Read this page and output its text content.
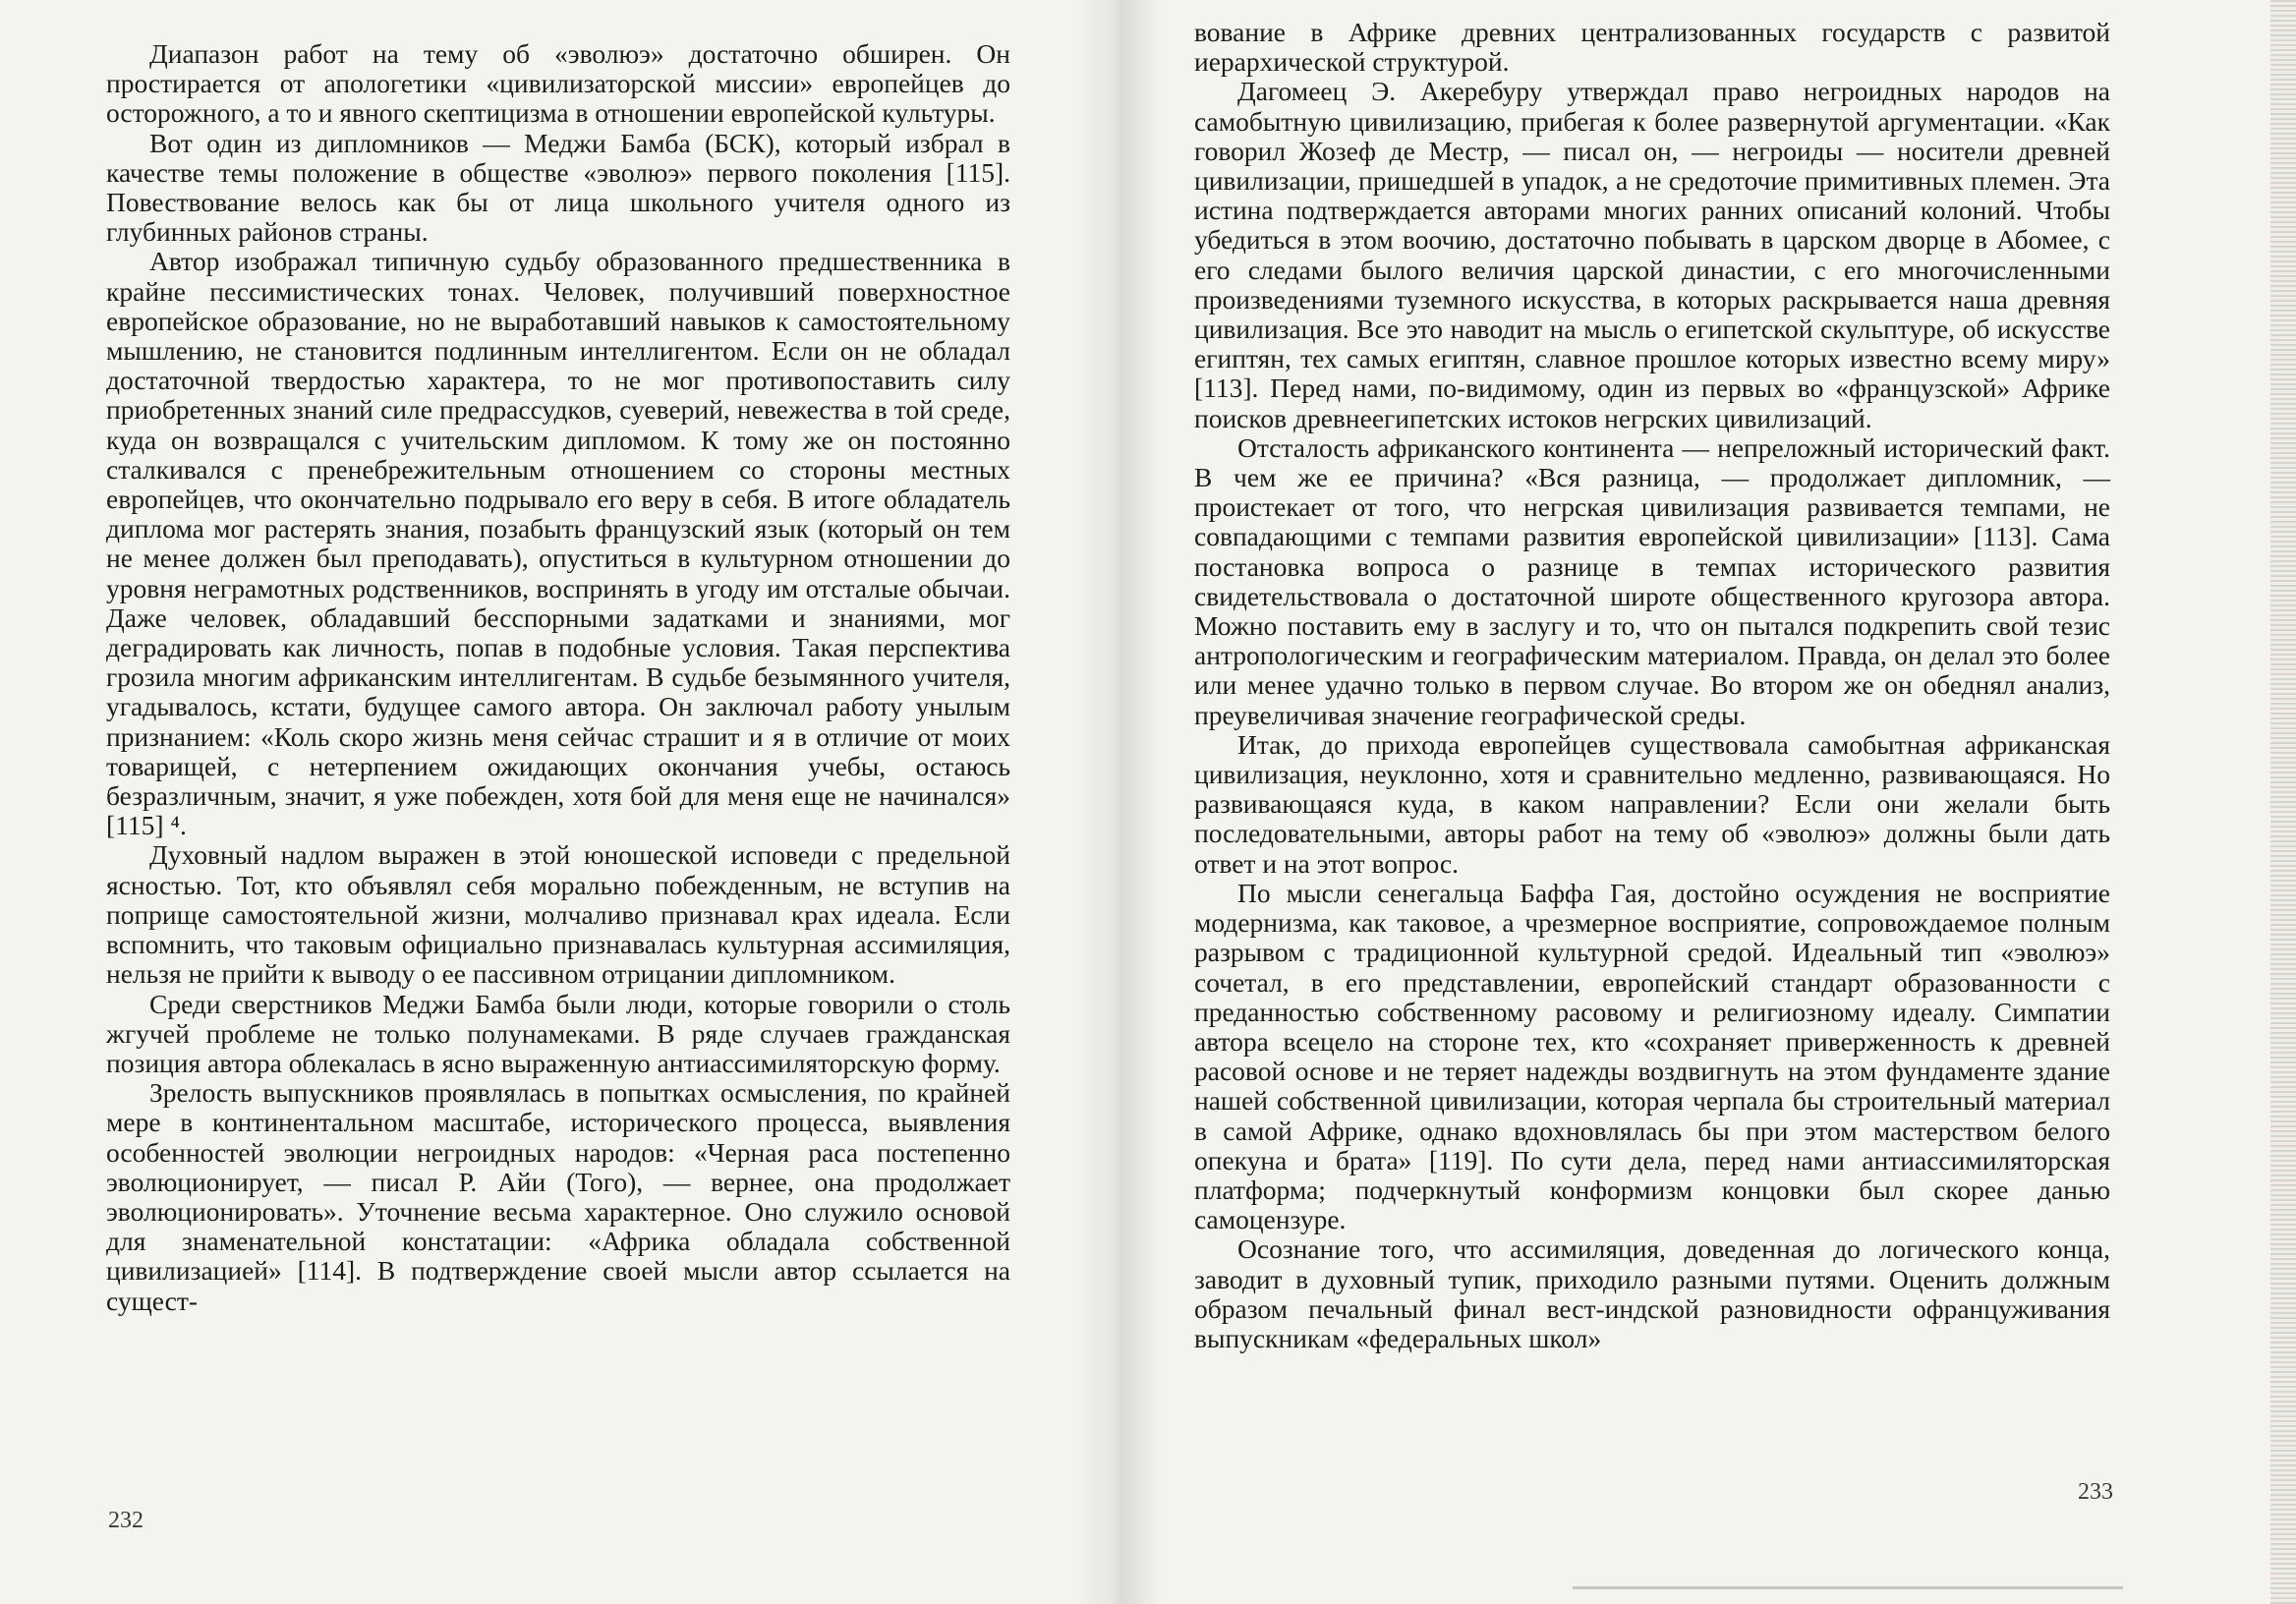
Диапазон работ на тему об «эволюэ» достаточно обширен. Он простирается от апологетики «цивилизаторской миссии» европейцев до осторожного, а то и явного скептицизма в отношении европейской культуры.

Вот один из дипломников — Меджи Бамба (БСК), который избрал в качестве темы положение в обществе «эволюэ» первого поколения [115]. Повествование велось как бы от лица школьного учителя одного из глубинных районов страны.

Автор изображал типичную судьбу образованного предшественника в крайне пессимистических тонах. Человек, получивший поверхностное европейское образование, но не выработавший навыков к самостоятельному мышлению, не становится подлинным интеллигентом. Если он не обладал достаточной твердостью характера, то не мог противопоставить силу приобретенных знаний силе предрассудков, суеверий, невежества в той среде, куда он возвращался с учительским дипломом. К тому же он постоянно сталкивался с пренебрежительным отношением со стороны местных европейцев, что окончательно подрывало его веру в себя. В итоге обладатель диплома мог растерять знания, позабыть французский язык (который он тем не менее должен был преподавать), опуститься в культурном отношении до уровня неграмотных родственников, воспринять в угоду им отсталые обычаи. Даже человек, обладавший бесспорными задатками и знаниями, мог деградировать как личность, попав в подобные условия. Такая перспектива грозила многим африканским интеллигентам. В судьбе безымянного учителя, угадывалось, кстати, будущее самого автора. Он заключал работу унылым признанием: «Коль скоро жизнь меня сейчас страшит и я в отличие от моих товарищей, с нетерпением ожидающих окончания учебы, остаюсь безразличным, значит, я уже побежден, хотя бой для меня еще не начинался» [115] ⁴.

Духовный надлом выражен в этой юношеской исповеди с предельной ясностью. Тот, кто объявлял себя морально побежденным, не вступив на поприще самостоятельной жизни, молчаливо признавал крах идеала. Если вспомнить, что таковым официально признавалась культурная ассимиляция, нельзя не прийти к выводу о ее пассивном отрицании дипломником.

Среди сверстников Меджи Бамба были люди, которые говорили о столь жгучей проблеме не только полунамеками. В ряде случаев гражданская позиция автора облекалась в ясно выраженную антиассимиляторскую форму.

Зрелость выпускников проявлялась в попытках осмысления, по крайней мере в континентальном масштабе, исторического процесса, выявления особенностей эволюции негроидных народов: «Черная раса постепенно эволюционирует, — писал Р. Айи (Того), — вернее, она продолжает эволюционировать». Уточнение весьма характерное. Оно служило основой для знаменательной констатации: «Африка обладала собственной цивилизацией» [114]. В подтверждение своей мысли автор ссылается на сущест-

вование в Африке древних централизованных государств с развитой иерархической структурой.

Дагомеец Э. Акеребуру утверждал право негроидных народов на самобытную цивилизацию, прибегая к более развернутой аргументации. «Как говорил Жозеф де Местр, — писал он, — негроиды — носители древней цивилизации, пришедшей в упадок, а не средоточие примитивных племен. Эта истина подтверждается авторами многих ранних описаний колоний. Чтобы убедиться в этом воочию, достаточно побывать в царском дворце в Абомее, с его следами былого величия царской династии, с его многочисленными произведениями туземного искусства, в которых раскрывается наша древняя цивилизация. Все это наводит на мысль о египетской скульптуре, об искусстве египтян, тех самых египтян, славное прошлое которых известно всему миру» [113]. Перед нами, по-видимому, один из первых во «французской» Африке поисков древнеегипетских истоков негрских цивилизаций.

Отсталость африканского континента — непреложный исторический факт. В чем же ее причина? «Вся разница, — продолжает дипломник, — проистекает от того, что негрская цивилизация развивается темпами, не совпадающими с темпами развития европейской цивилизации» [113]. Сама постановка вопроса о разнице в темпах исторического развития свидетельствовала о достаточной широте общественного кругозора автора. Можно поставить ему в заслугу и то, что он пытался подкрепить свой тезис антропологическим и географическим материалом. Правда, он делал это более или менее удачно только в первом случае. Во втором же он обеднял анализ, преувеличивая значение географической среды.

Итак, до прихода европейцев существовала самобытная африканская цивилизация, неуклонно, хотя и сравнительно медленно, развивающаяся. Но развивающаяся куда, в каком направлении? Если они желали быть последовательными, авторы работ на тему об «эволюэ» должны были дать ответ и на этот вопрос.

По мысли сенегальца Баффа Гая, достойно осуждения не восприятие модернизма, как таковое, а чрезмерное восприятие, сопровождаемое полным разрывом с традиционной культурной средой. Идеальный тип «эволюэ» сочетал, в его представлении, европейский стандарт образованности с преданностью собственному расовому и религиозному идеалу. Симпатии автора всецело на стороне тех, кто «сохраняет приверженность к древней расовой основе и не теряет надежды воздвигнуть на этом фундаменте здание нашей собственной цивилизации, которая черпала бы строительный материал в самой Африке, однако вдохновлялась бы при этом мастерством белого опекуна и брата» [119]. По сути дела, перед нами антиассимиляторская платформа; подчеркнутый конформизм концовки был скорее данью самоцензуре.

Осознание того, что ассимиляция, доведенная до логического конца, заводит в духовный тупик, приходило разными путями. Оценить должным образом печальный финал вест-индской разновидности офранцуживания выпускникам «федеральных школ»

232
233
